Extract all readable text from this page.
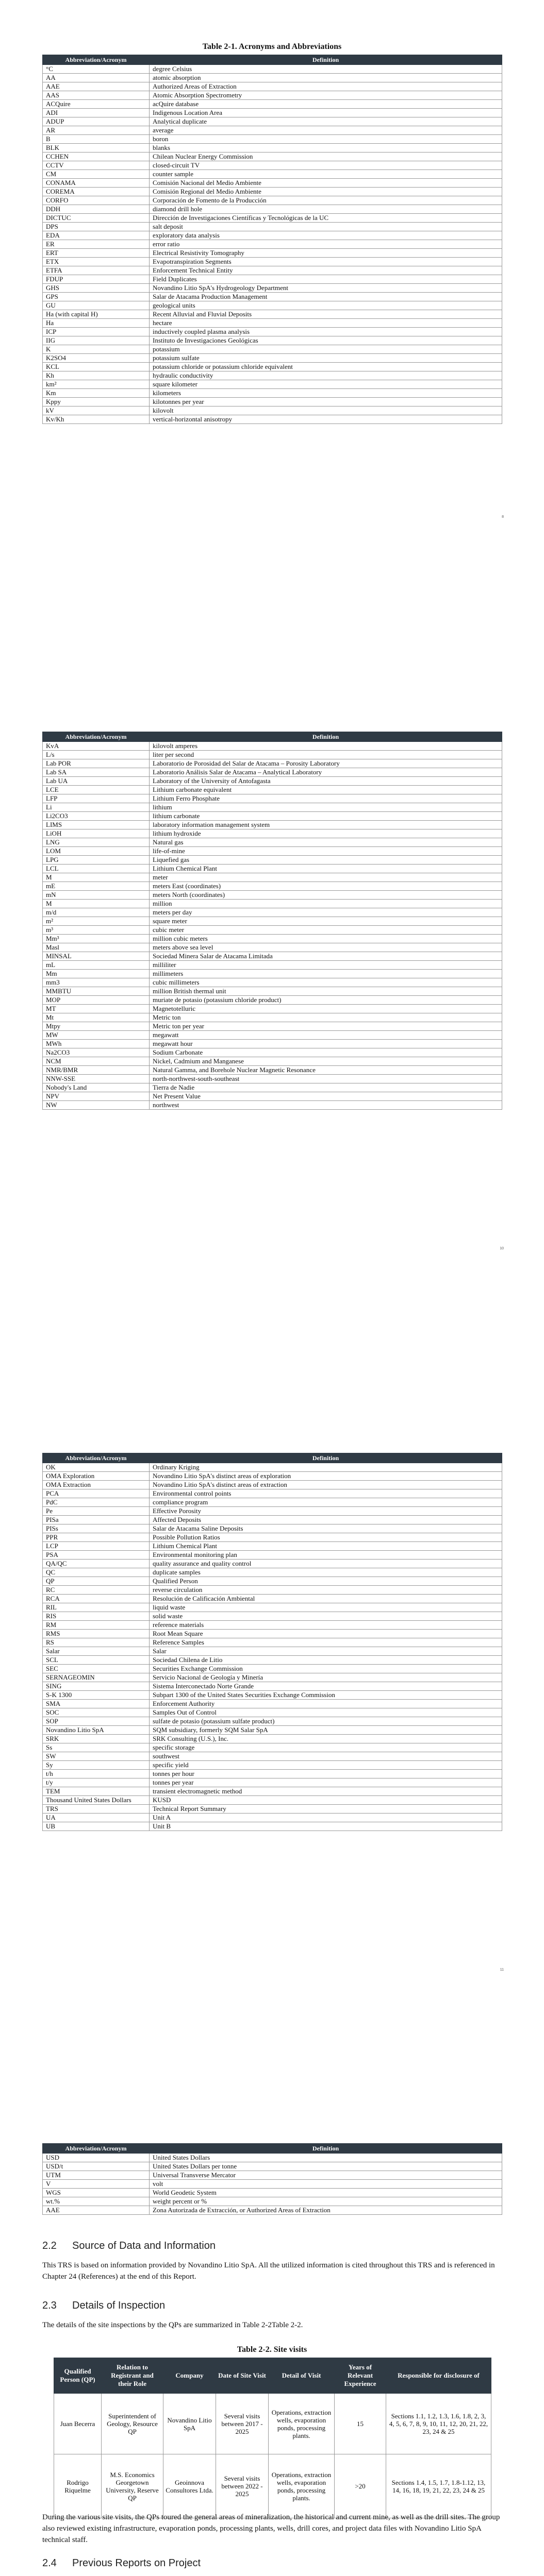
Table 2-1. Acronyms and Abbreviations
Abbreviation/Acronym	Definition
°C	degree Celsius
AA	atomic absorption
AAE	Authorized Areas of Extraction
AAS	Atomic Absorption Spectrometry
ACQuire	acQuire database
ADI	Indigenous Location Area
ADUP	Analytical duplicate
AR	average
B	boron
BLK	blanks
CCHEN	Chilean Nuclear Energy Commission
CCTV	closed-circuit TV
CM	counter sample
CONAMA	Comisión Nacional del Medio Ambiente
COREMA	Comisión Regional del Medio Ambiente
CORFO	Corporación de Fomento de la Producción
DDH	diamond drill hole
DICTUC	Dirección de Investigaciones Científicas y Tecnológicas de la UC
DPS	salt deposit
EDA	exploratory data analysis
ER	error ratio
ERT	Electrical Resistivity Tomography
ETX	Evapotranspiration Segments
ETFA	Enforcement Technical Entity
FDUP	Field Duplicates
GHS	Novandino Litio SpA's Hydrogeology Department
GPS	Salar de Atacama Production Management
GU	geological units
Ha (with capital H)	Recent Alluvial and Fluvial Deposits
Ha	hectare
ICP	inductively coupled plasma analysis
IIG	Instituto de Investigaciones Geológicas
K	potassium
K2SO4	potassium sulfate
KCL	potassium chloride or potassium chloride equivalent
Kh	hydraulic conductivity
km²	square kilometer
Km	kilometers
Kppy	kilotonnes per year
kV	kilovolt
Kv/Kh	vertical-horizontal anisotropy
8
Abbreviation/Acronym	Definition
KvA	kilovolt amperes
L/s	liter per second
Lab POR	Laboratorio de Porosidad del Salar de Atacama – Porosity Laboratory
Lab SA	Laboratorio Análisis Salar de Atacama – Analytical Laboratory
Lab UA	Laboratory of the University of Antofagasta
LCE	Lithium carbonate equivalent
LFP	Lithium Ferro Phosphate
Li	lithium
Li2CO3	lithium carbonate
LIMS	laboratory information management system
LiOH	lithium hydroxide
LNG	Natural gas
LOM	life-of-mine
LPG	Liquefied gas
LCL	Lithium Chemical Plant
M	meter
mE	meters East (coordinates)
mN	meters North (coordinates)
M	million
m/d	meters per day
m²	square meter
m³	cubic meter
Mm³	million cubic meters
Masl	meters above sea level
MINSAL	Sociedad Minera Salar de Atacama Limitada
mL	milliliter
Mm	millimeters
mm3	cubic millimeters
MMBTU	million British thermal unit
MOP	muriate de potasio (potassium chloride product)
MT	Magnetotelluric
Mt	Metric ton
Mtpy	Metric ton per year
MW	megawatt
MWh	megawatt hour
Na2CO3	Sodium Carbonate
NCM	Nickel, Cadmium and Manganese
NMR/BMR	Natural Gamma, and Borehole Nuclear Magnetic Resonance
NNW-SSE	north-northwest-south-southeast
Nobody's Land	Tierra de Nadie
NPV	Net Present Value
NW	northwest
10
Abbreviation/Acronym	Definition
OK	Ordinary Kriging
OMA Exploration	Novandino Litio SpA's distinct areas of exploration
OMA Extraction	Novandino Litio SpA's distinct areas of extraction
PCA	Environmental control points
PdC	compliance program
Pe	Effective Porosity
PISa	Affected Deposits
PISs	Salar de Atacama Saline Deposits
PPR	Possible Pollution Ratios
LCP	Lithium Chemical Plant
PSA	Environmental monitoring plan
QA/QC	quality assurance and quality control
QC	duplicate samples
QP	Qualified Person
RC	reverse circulation
RCA	Resolución de Calificación Ambiental
RIL	liquid waste
RIS	solid waste
RM	reference materials
RMS	Root Mean Square
RS	Reference Samples
Salar	Salar
SCL	Sociedad Chilena de Litio
SEC	Securities Exchange Commission
SERNAGEOMIN	Servicio Nacional de Geología y Minería
SING	Sistema Interconectado Norte Grande
S-K 1300	Subpart 1300 of the United States Securities Exchange Commission
SMA	Enforcement Authority
SOC	Samples Out of Control
SOP	sulfate de potasio (potassium sulfate product)
Novandino Litio SpA	SQM subsidiary, formerly SQM Salar SpA
SRK	SRK Consulting (U.S.), Inc.
Ss	specific storage
SW	southwest
Sy	specific yield
t/h	tonnes per hour
t/y	tonnes per year
TEM	transient electromagnetic method
Thousand United States Dollars	KUSD
TRS	Technical Report Summary
UA	Unit A
UB	Unit B
11
Abbreviation/Acronym	Definition
USD	United States Dollars
USD/t	United States Dollars per tonne
UTM	Universal Transverse Mercator
V	volt
WGS	World Geodetic System
wt.%	weight percent or %
AAE	Zona Autorizada de Extracción, or Authorized Areas of Extraction
2.2 Source of Data and Information
This TRS is based on information provided by Novandino Litio SpA. All the utilized information is cited throughout this TRS and is referenced in Chapter 24 (References) at the end of this Report.
2.3 Details of Inspection
The details of the site inspections by the QPs are summarized in Table 2-2Table 2-2.
Table 2-2. Site visits
Qualified Person (QP)	Relation to Registrant and their Role	Company	Date of Site Visit	Detail of Visit	Years of Relevant Experience	Responsible for disclosure of
Juan Becerra	Superintendent of Geology, Resource QP	Novandino Litio SpA	Several visits between 2017 - 2025	Operations, extraction wells, evaporation ponds, processing plants.	15	Sections 1.1, 1.2, 1.3, 1.6, 1.8, 2, 3, 4, 5, 6, 7, 8, 9, 10, 11, 12, 20, 21, 22, 23, 24 & 25
Rodrigo Riquelme	M.S. Economics Georgetown University, Reserve QP	Geoinnova Consultores Ltda.	Several visits between 2022 - 2025	Operations, extraction wells, evaporation ponds, processing plants.	>20	Sections 1.4, 1.5, 1.7, 1.8-1.12, 13, 14, 16, 18, 19, 21, 22, 23, 24 & 25
During the various site visits, the QPs toured the general areas of mineralization, the historical and current mine, as well as the drill sites. The group also reviewed existing infrastructure, evaporation ponds, processing plants, wells, drill cores, and project data files with Novandino Litio SpA technical staff.
2.4 Previous Reports on Project
